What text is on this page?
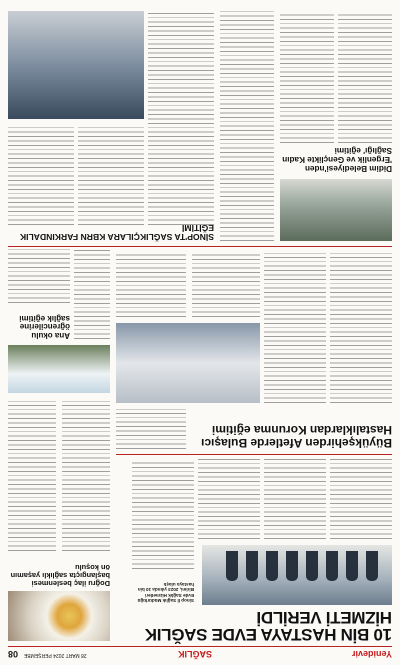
Yenidevir
SAĞLIK
28 MART 2024 PERŞEMBE
08
10 BİN HASTAYA EVDE SAĞLIK HİZMETİ VERİLDİ
Sinop İl Sağlık Müdürlüğü Evde Sağlık Hizmetleri Birimi, 2023 yılında 10 bin hastaya ulaştı
Doğru ilaç beslenmesi başlangıçta sağlıklı yaşamın ön koşulu
Büyükşehirden Afetlerde Bulaşıcı Hastalıklardan Korunma eğitimi
Ana okulu öğrencilerine sağlık eğitimi
Didim Belediyesi'nden 'Ergenlik ve Gençlikte Kadın Sağlığı' eğitimi
SİNOP'TA SAĞLIKÇILARA KBRN FARKINDALIK EĞİTİMİ
